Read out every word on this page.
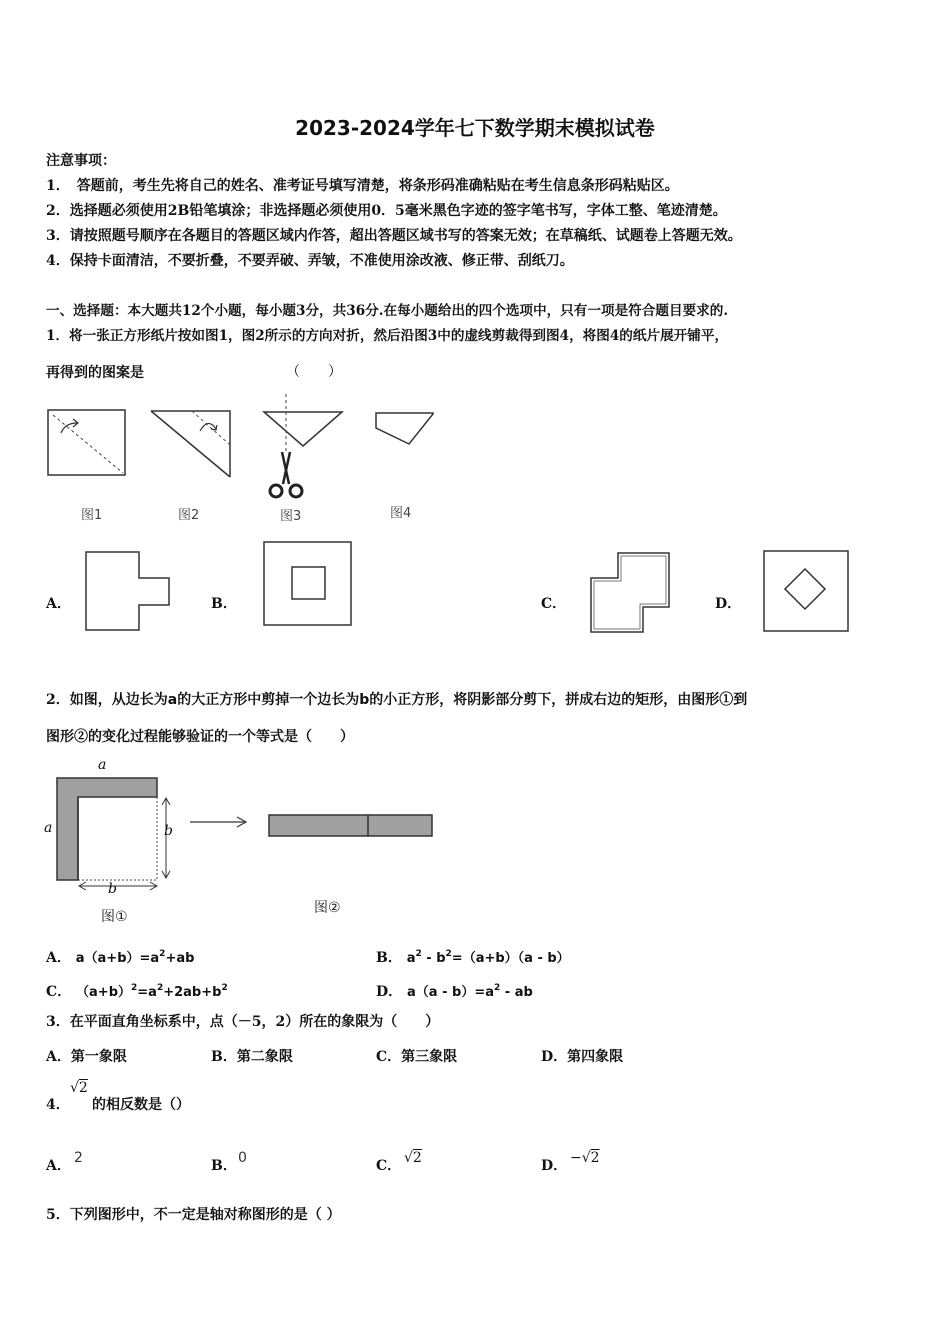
2023-2024学年七下数学期末模拟试卷
注意事项：
1．　答题前，考生先将自己的姓名、准考证号填写清楚，将条形码准确粘贴在考生信息条形码粘贴区。
2．选择题必须使用2B铅笔填涂；非选择题必须使用0．5毫米黑色字迹的签字笔书写，字体工整、笔迹清楚。
3．请按照题号顺序在各题目的答题区域内作答，超出答题区域书写的答案无效；在草稿纸、试题卷上答题无效。
4．保持卡面清洁，不要折叠，不要弄破、弄皱，不准使用涂改液、修正带、刮纸刀。
一、选择题：本大题共12个小题，每小题3分，共36分.在每小题给出的四个选项中，只有一项是符合题目要求的.
1．将一张正方形纸片按如图1，图2所示的方向对折，然后沿图3中的虚线剪裁得到图4，将图4的纸片展开铺平，
再得到的图案是	（　　）
图1	图2	图3	图4
A．	B．	C．	D．
2．如图，从边长为a的大正方形中剪掉一个边长为b的小正方形，将阴影部分剪下，拼成右边的矩形，由图形①到
图形②的变化过程能够验证的一个等式是（　　）
a
a	b
b
图①
图②
A． $a(a+b)=a^2+ab$	B． $a^2 - b^2=(a+b)(a - b)$
C． $(a+b)^2=a^2+2ab+b^2$	D． $a(a - b)=a^2$ - ab
3．在平面直角坐标系中，点（－5，2）所在的象限为（　　）
A．第一象限	B．第二象限	C．第三象限	D．第四象限
4．
√2
的相反数是（）
A． 2	B． 0	C． √2	D． −√2
5．下列图形中，不一定是轴对称图形的是（ ）
